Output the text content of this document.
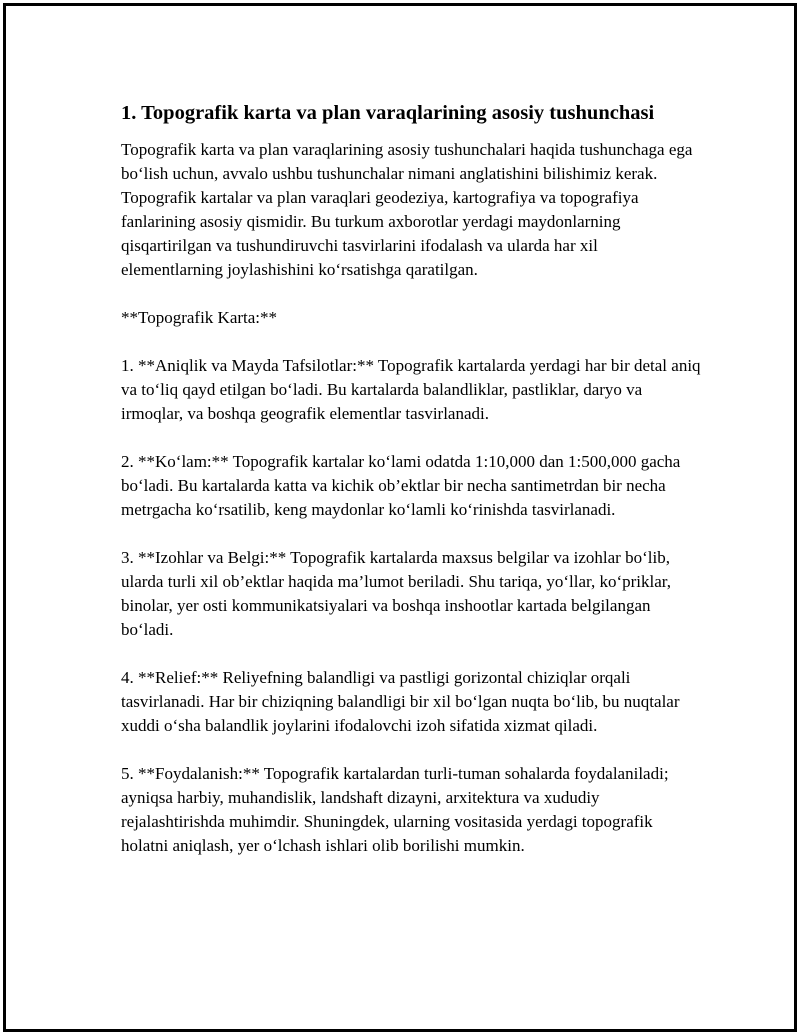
1. Topografik karta va plan varaqlarining asosiy tushunchasi

Topografik karta va plan varaqlarining asosiy tushunchalari haqida tushunchaga ega bo‘lish uchun, avvalo ushbu tushunchalar nimani anglatishini bilishimiz kerak. Topografik kartalar va plan varaqlari geodeziya, kartografiya va topografiya fanlarining asosiy qismidir. Bu turkum axborotlar yerdagi maydonlarning qisqartirilgan va tushundiruvchi tasvirlarini ifodalash va ularda har xil elementlarning joylashishini ko‘rsatishga qaratilgan.

**Topografik Karta:**

1. **Aniqlik va Mayda Tafsilotlar:** Topografik kartalarda yerdagi har bir detal aniq va to‘liq qayd etilgan bo‘ladi. Bu kartalarda balandliklar, pastliklar, daryo va irmoqlar, va boshqa geografik elementlar tasvirlanadi.

2. **Ko‘lam:** Topografik kartalar ko‘lami odatda 1:10,000 dan 1:500,000 gacha bo‘ladi. Bu kartalarda katta va kichik ob’ektlar bir necha santimetrdan bir necha metrgacha ko‘rsatilib, keng maydonlar ko‘lamli ko‘rinishda tasvirlanadi.

3. **Izohlar va Belgi:** Topografik kartalarda maxsus belgilar va izohlar bo‘lib, ularda turli xil ob’ektlar haqida ma’lumot beriladi. Shu tariqa, yo‘llar, ko‘priklar, binolar, yer osti kommunikatsiyalari va boshqa inshootlar kartada belgilangan bo‘ladi.

4. **Relief:** Reliyefning balandligi va pastligi gorizontal chiziqlar orqali tasvirlanadi. Har bir chiziqning balandligi bir xil bo‘lgan nuqta bo‘lib, bu nuqtalar xuddi o‘sha balandlik joylarini ifodalovchi izoh sifatida xizmat qiladi.

5. **Foydalanish:** Topografik kartalardan turli-tuman sohalarda foydalaniladi; ayniqsa harbiy, muhandislik, landshaft dizayni, arxitektura va xududiy rejalashtirishda muhimdir. Shuningdek, ularning vositasida yerdagi topografik holatni aniqlash, yer o‘lchash ishlari olib borilishi mumkin.
